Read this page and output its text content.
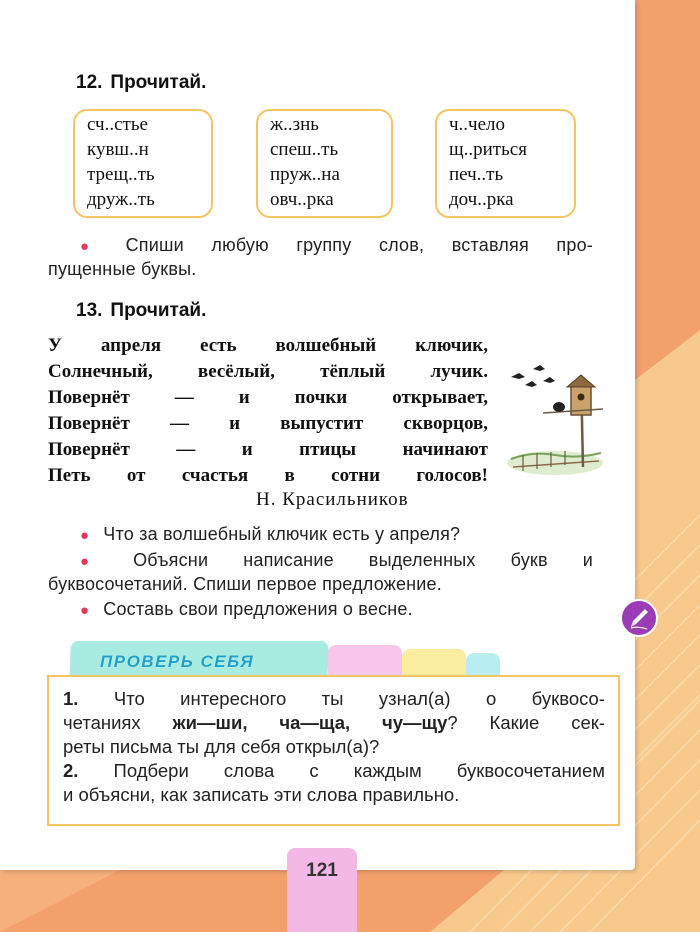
12. Прочитай.
сч..стье
кувш..н
трещ..ть
друж..ть
ж..знь
спеш..ть
пруж..на
овч..рка
ч..чело
щ..риться
печ..ть
доч..рка
● Спиши любую группу слов, вставляя про-
пущенные буквы.
13. Прочитай.
У апреля есть волшебный ключик,
Солнечный, весёлый, тёплый лучик.
Повернёт — и почки открывает,
Повернёт — и выпустит скворцов,
Повернёт — и птицы начинают
Петь от счастья в сотни голосов!
Н. Красильников
● Что за волшебный ключик есть у апреля?
● Объясни написание выделенных букв и
буквосочетаний. Спиши первое предложение.
● Составь свои предложения о весне.
ПРОВЕРЬ СЕБЯ

1. Что интересного ты узнал(а) о буквосо-

четаниях жи—ши, ча—ща, чу—щу? Какие сек-

реты письма ты для себя открыл(а)?

2. Подбери слова с каждым буквосочетанием

и объясни, как записать эти слова правильно.

121
